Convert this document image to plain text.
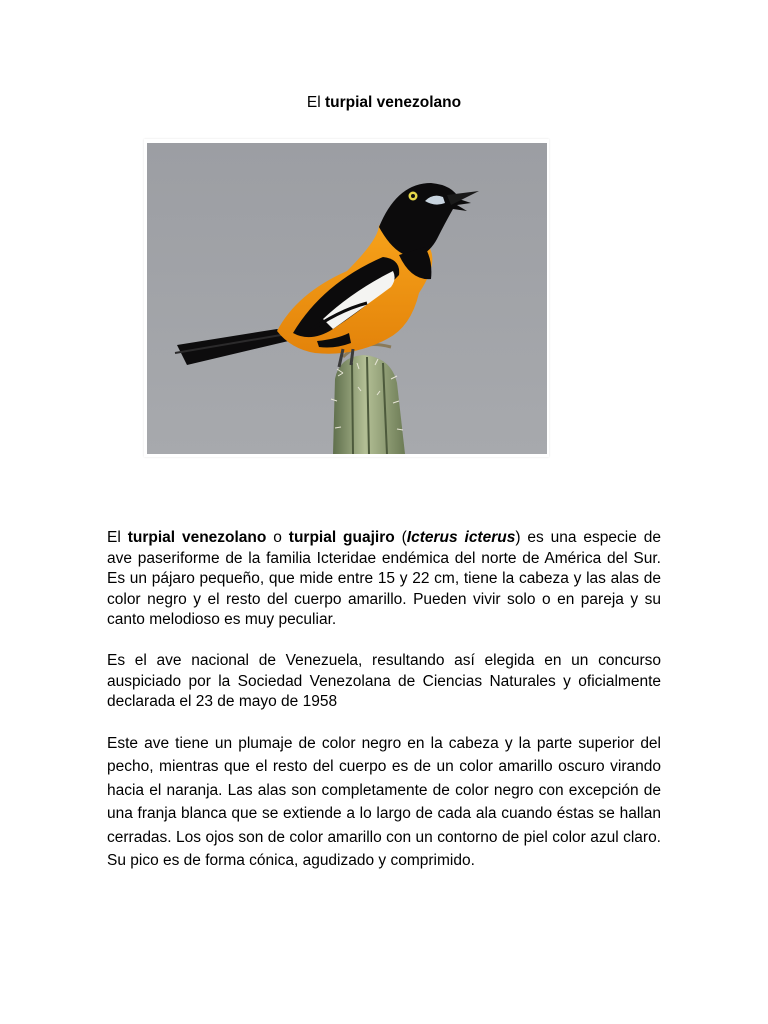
El turpial venezolano

El turpial venezolano o turpial guajiro (Icterus icterus) es una especie de ave paseriforme de la familia Icteridae endémica del norte de América del Sur. Es un pájaro pequeño, que mide entre 15 y 22 cm, tiene la cabeza y las alas de color negro y el resto del cuerpo amarillo. Pueden vivir solo o en pareja y su canto melodioso es muy peculiar.

Es el ave nacional de Venezuela, resultando así elegida en un concurso auspiciado por la Sociedad Venezolana de Ciencias Naturales y oficialmente declarada el 23 de mayo de 1958

Este ave tiene un plumaje de color negro en la cabeza y la parte superior del pecho, mientras que el resto del cuerpo es de un color amarillo oscuro virando hacia el naranja. Las alas son completamente de color negro con excepción de una franja blanca que se extiende a lo largo de cada ala cuando éstas se hallan cerradas. Los ojos son de color amarillo con un contorno de piel color azul claro. Su pico es de forma cónica, agudizado y comprimido.
